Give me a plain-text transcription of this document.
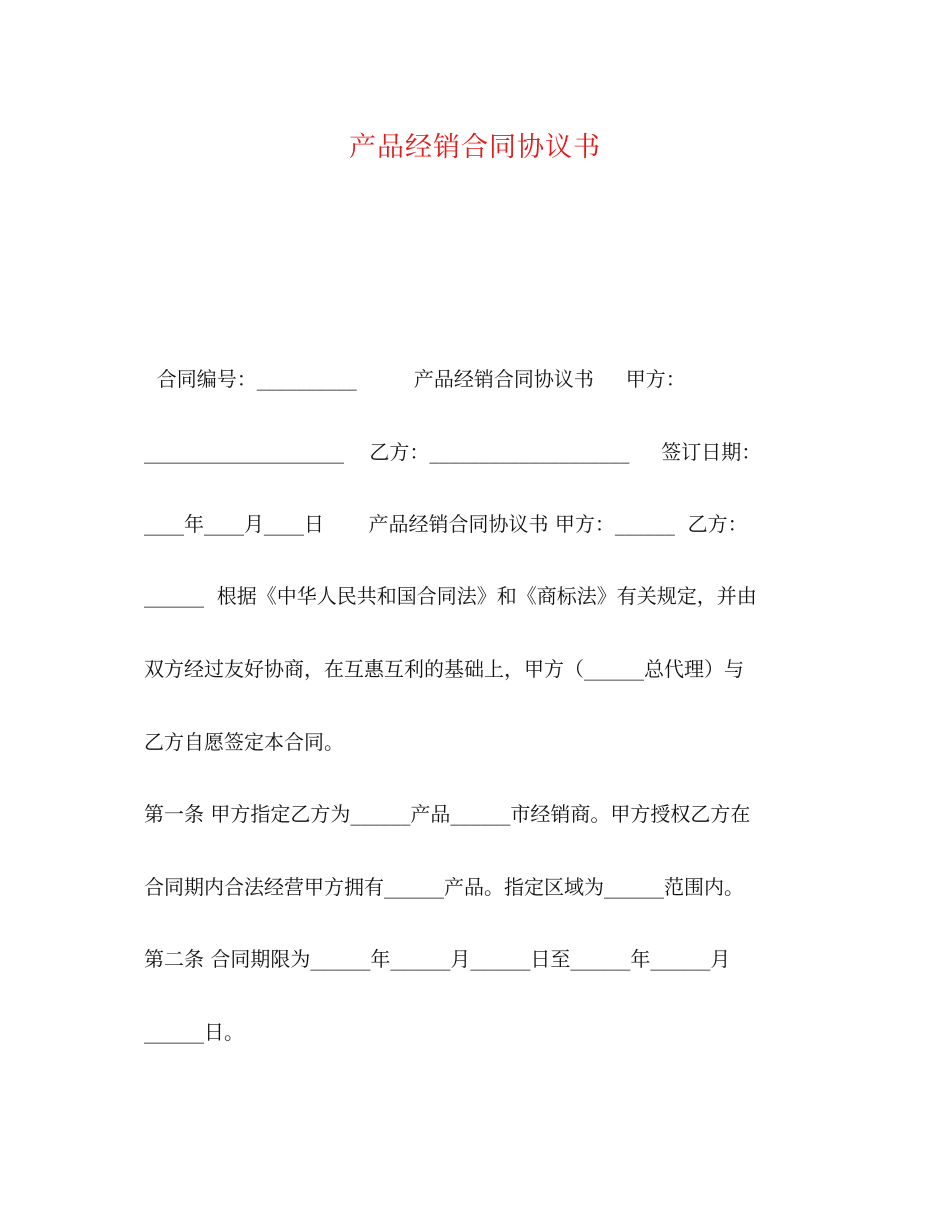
产品经销合同协议书
合同编号：__________         产品经销合同协议书     甲方：
____________________    乙方：____________________     签订日期：
____年____月____日       产品经销合同协议书 甲方：______  乙方：
______  根据《中华人民共和国合同法》和《商标法》有关规定，并由
双方经过友好协商，在互惠互利的基础上，甲方（______总代理）与
乙方自愿签定本合同。
第一条 甲方指定乙方为______产品______市经销商。甲方授权乙方在
合同期内合法经营甲方拥有______产品。指定区域为______范围内。
第二条 合同期限为______年______月______日至______年______月
______日。
